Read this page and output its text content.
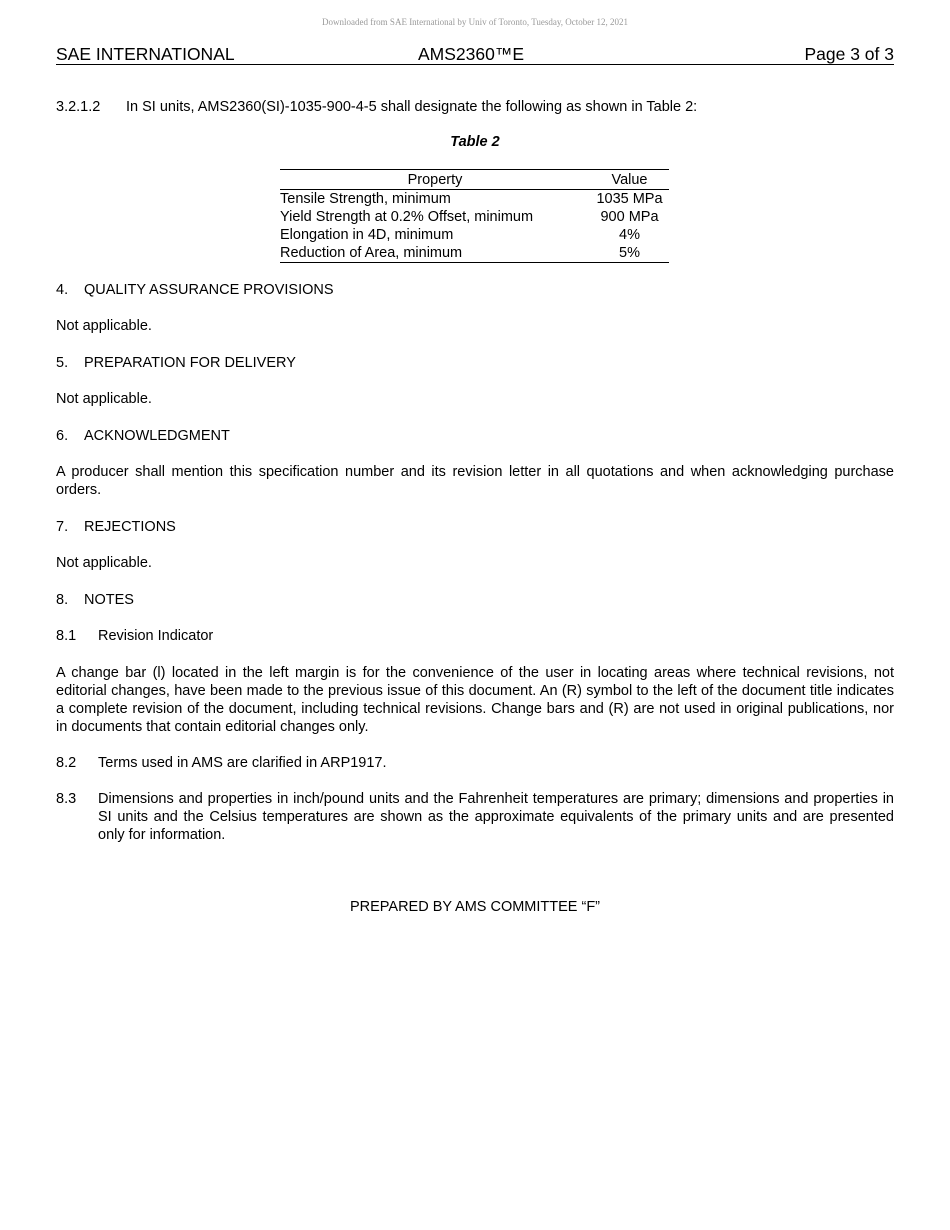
Downloaded from SAE International by Univ of Toronto, Tuesday, October 12, 2021
SAE INTERNATIONAL	AMS2360™E	Page 3 of 3
3.2.1.2 In SI units, AMS2360(SI)-1035-900-4-5 shall designate the following as shown in Table 2:
Table 2
Property	Value
Tensile Strength, minimum	1035 MPa
Yield Strength at 0.2% Offset, minimum	900 MPa
Elongation in 4D, minimum	4%
Reduction of Area, minimum	5%
4. QUALITY ASSURANCE PROVISIONS
Not applicable.
5. PREPARATION FOR DELIVERY
Not applicable.
6. ACKNOWLEDGMENT
A producer shall mention this specification number and its revision letter in all quotations and when acknowledging purchase orders.
7. REJECTIONS
Not applicable.
8. NOTES
8.1 Revision Indicator
A change bar (l) located in the left margin is for the convenience of the user in locating areas where technical revisions, not editorial changes, have been made to the previous issue of this document. An (R) symbol to the left of the document title indicates a complete revision of the document, including technical revisions. Change bars and (R) are not used in original publications, nor in documents that contain editorial changes only.
8.2 Terms used in AMS are clarified in ARP1917.
8.3 Dimensions and properties in inch/pound units and the Fahrenheit temperatures are primary; dimensions and properties in SI units and the Celsius temperatures are shown as the approximate equivalents of the primary units and are presented only for information.
PREPARED BY AMS COMMITTEE “F”
